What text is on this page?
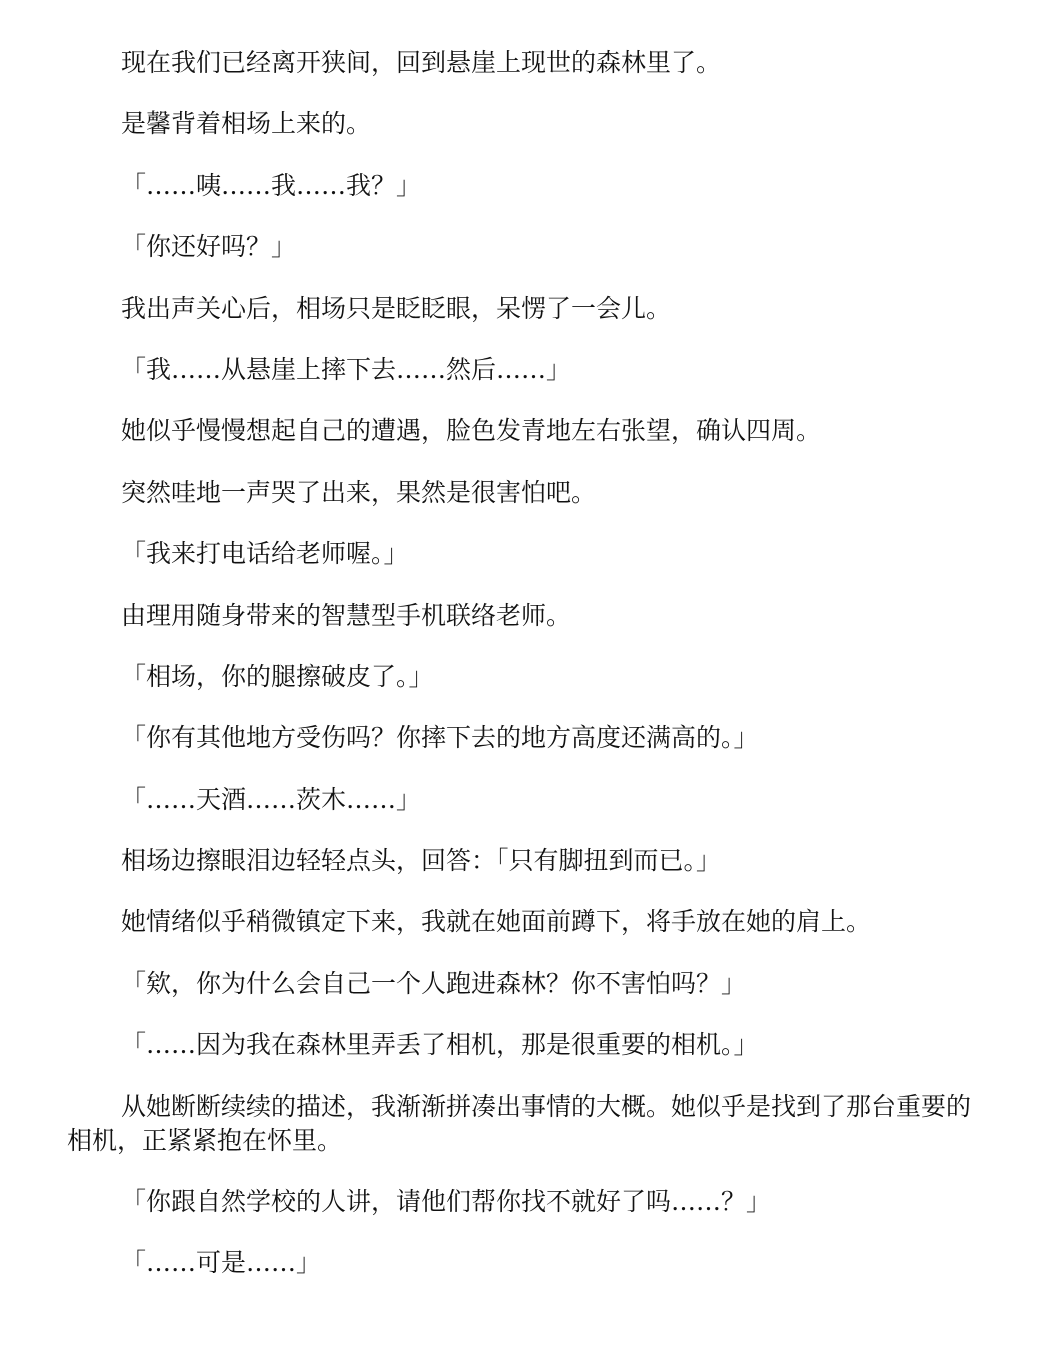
现在我们已经离开狭间，回到悬崖上现世的森林里了。

是馨背着相场上来的。

「……咦……我……我？」

「你还好吗？」

我出声关心后，相场只是眨眨眼，呆愣了一会儿。

「我……从悬崖上摔下去……然后……」

她似乎慢慢想起自己的遭遇，脸色发青地左右张望，确认四周。

突然哇地一声哭了出来，果然是很害怕吧。

「我来打电话给老师喔。」

由理用随身带来的智慧型手机联络老师。

「相场，你的腿擦破皮了。」

「你有其他地方受伤吗？你摔下去的地方高度还满高的。」

「……天酒……茨木……」

相场边擦眼泪边轻轻点头，回答：「只有脚扭到而已。」

她情绪似乎稍微镇定下来，我就在她面前蹲下，将手放在她的肩上。

「欸，你为什么会自己一个人跑进森林？你不害怕吗？」

「……因为我在森林里弄丢了相机，那是很重要的相机。」

从她断断续续的描述，我渐渐拼凑出事情的大概。她似乎是找到了那台重要的相机，正紧紧抱在怀里。

「你跟自然学校的人讲，请他们帮你找不就好了吗……？」

「……可是……」
